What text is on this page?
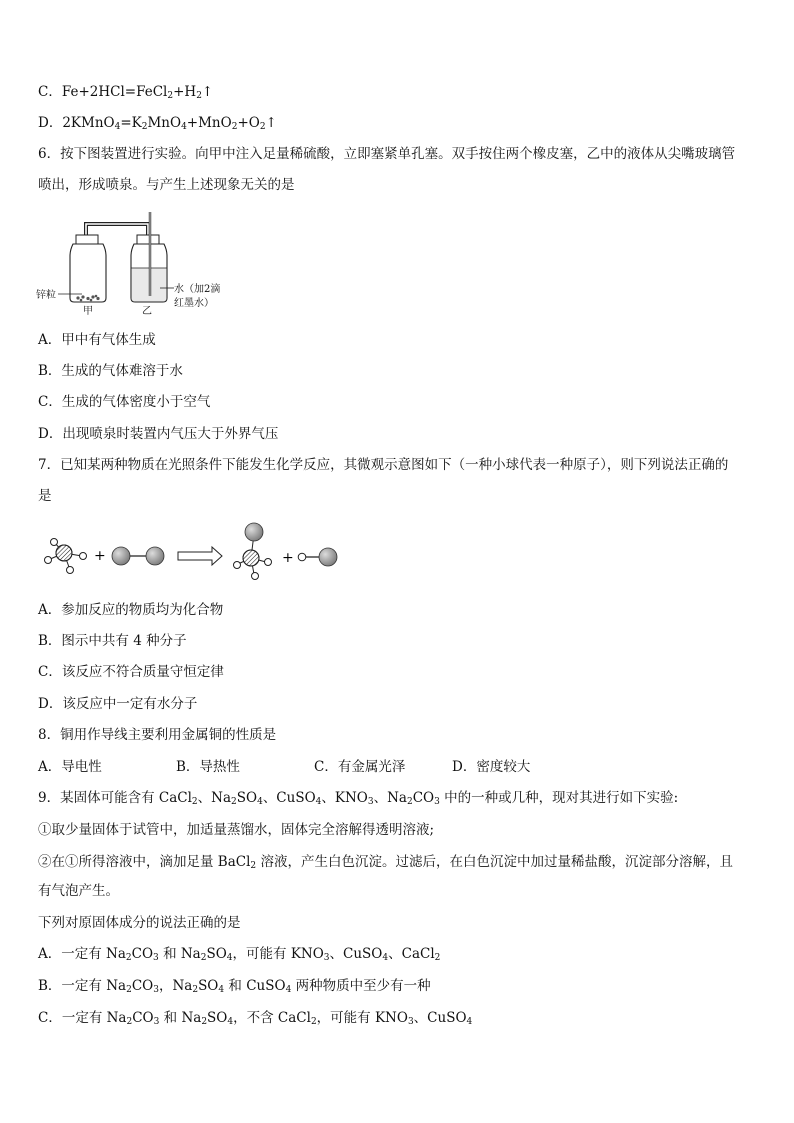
C．$Fe+2HCl=FeCl_2+H_2↑$
D．$2KMnO_4=K_2MnO_4+MnO_2+O_2↑$
6．按下图装置进行实验。向甲中注入足量稀硫酸，立即塞紧单孔塞。双手按住两个橡皮塞，乙中的液体从尖嘴玻璃管
喷出，形成喷泉。与产生上述现象无关的是
锌粒
甲	乙
水（加2滴
红墨水）
A．甲中有气体生成
B．生成的气体难溶于水
C．生成的气体密度小于空气
D．出现喷泉时装置内气压大于外界气压
7．已知某两种物质在光照条件下能发生化学反应，其微观示意图如下（一种小球代表一种原子），则下列说法正确的
是
+	+
A．参加反应的物质均为化合物
B．图示中共有 4 种分子
C．该反应不符合质量守恒定律
D．该反应中一定有水分子
8．铜用作导线主要利用金属铜的性质是
A．导电性	B．导热性	C．有金属光泽	D．密度较大
9．某固体可能含有 CaCl$_2$、$Na_2SO_4$、CuSO$_4$、$KNO_3$、$Na_2CO_3$ 中的一种或几种，现对其进行如下实验:
①取少量固体于试管中，加适量蒸馏水，固体完全溶解得透明溶液;
②在①所得溶液中，滴加足量 BaCl$_2$ 溶液，产生白色沉淀。过滤后，在白色沉淀中加过量稀盐酸，沉淀部分溶解，且
有气泡产生。
下列对原固体成分的说法正确的是
A．一定有 $Na_2CO_3$ 和 $Na_2SO_4$，可能有 $KNO_3$、CuSO$_4$、CaCl$_2$
B．一定有 $Na_2CO_3$，$Na_2SO_4$ 和 CuSO$_4$ 两种物质中至少有一种
C．一定有 $Na_2CO_3$ 和 $Na_2SO_4$，不含 CaCl$_2$，可能有 $KNO_3$、CuSO$_4$
